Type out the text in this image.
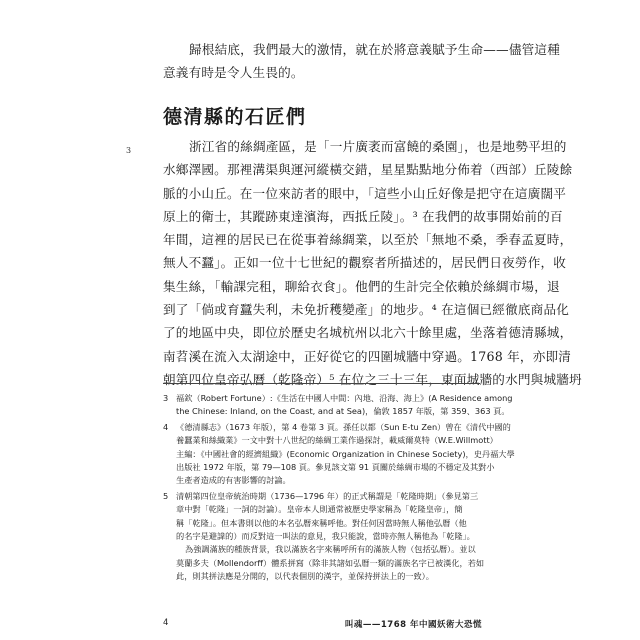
歸根結底，我們最大的激情，就在於將意義賦予生命——儘管這種
意義有時是令人生畏的。

德清縣的石匠們
3	浙江省的絲綢產區，是「一片廣袤而富饒的桑園」，也是地勢平坦的
水鄉澤國。那裡溝渠與運河縱橫交錯，星星點點地分佈着（西部）丘陵餘
脈的小山丘。在一位來訪者的眼中，「這些小山丘好像是把守在這廣闊平
原上的衛士，其蹤跡東達濱海，西抵丘陵」。³ 在我們的故事開始前的百
年間，這裡的居民已在從事着絲綢業，以至於「無地不桑，季春孟夏時，
無人不蠶」。正如一位十七世紀的觀察者所描述的，居民們日夜勞作，收
集生絲，「輸課完租，聊給衣食」。他們的生計完全依賴於絲綢市場，退
到了「倘或育蠶失利，未免折穫變產」的地步。⁴ 在這個已經徹底商品化
了的地區中央，即位於歷史名城杭州以北六十餘里處，坐落着德清縣城，
南苕溪在流入太湖途中，正好從它的四圍城牆中穿過。1768 年，亦即清
朝第四位皇帝弘曆（乾隆帝）⁵ 在位之三十三年，東面城牆的水門與城牆坍

3 福欽（Robert Fortune）:《生活在中國人中間：內地、沿海、海上》(A Residence among
the Chinese: Inland, on the Coast, and at Sea)，倫敦 1857 年版，第 359、363 頁。
4 《德清縣志》（1673 年版），第 4 卷第 3 頁。孫任以都（Sun E-tu Zen）曾在《清代中國的
養蠶業和絲織業》一文中對十八世紀的絲綢工業作過探討，載威爾莫特（W.E.Willmott）
主編：《中國社會的經濟組織》(Economic Organization in Chinese Society)，史丹福大學
出版社 1972 年版，第 79—108 頁。參見該文第 91 頁關於絲綢市場的不穩定及其對小
生產者造成的有害影響的討論。
5 清朝第四位皇帝統治時期（1736—1796 年）的正式稱謂是「乾隆時期」（參見第三
章中對「乾隆」一詞的討論）。皇帝本人則通常被歷史學家稱為「乾隆皇帝」，簡
稱「乾隆」。但本書則以他的本名弘曆來稱呼他。對任何因當時無人稱他弘曆（他
的名字是避諱的）而反對這一叫法的意見，我只能說，當時亦無人稱他為「乾隆」。
為強調滿族的種族背景，我以滿族名字來稱呼所有的滿族人物（包括弘曆）。並以
莫蘭多夫（Mollendorff）體系拼寫（除非其諸如弘曆一類的滿族名字已被漢化，若如
此，則其拼法應是分開的，以代表個別的漢字，並保持拼法上的一致）。
4	叫魂——1768 年中國妖術大恐慌
